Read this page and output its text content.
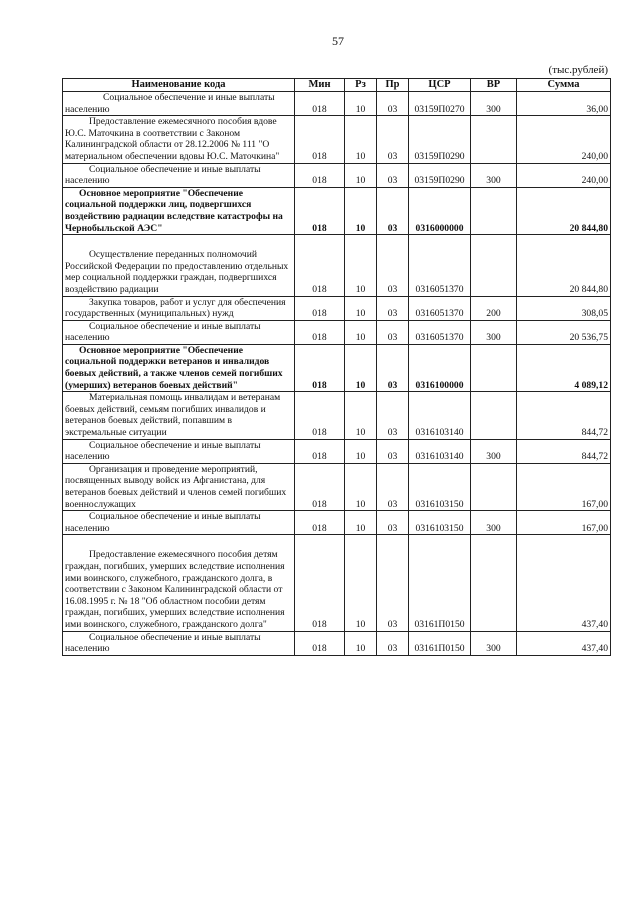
57
(тыс.рублей)
Наименование кода	Мин	Рз	Пр	ЦСР	ВР	Сумма
Социальное обеспечение и иные выплаты населению	018	10	03	03159П0270	300	36,00
Предоставление ежемесячного пособия вдове Ю.С. Маточкина в соответствии с Законом Калининградской области от 28.12.2006 № 111 "О материальном обеспечении вдовы Ю.С. Маточкина"	018	10	03	03159П0290		240,00
Социальное обеспечение и иные выплаты населению	018	10	03	03159П0290	300	240,00
Основное мероприятие "Обеспечение социальной поддержки лиц, подвергшихся воздействию радиации вследствие катастрофы на Чернобыльской АЭС"	018	10	03	0316000000		20 844,80
Осуществление переданных полномочий Российской Федерации по предоставлению отдельных мер социальной поддержки граждан, подвергшихся воздействию радиации	018	10	03	0316051370		20 844,80
Закупка товаров, работ и услуг для обеспечения государственных (муниципальных) нужд	018	10	03	0316051370	200	308,05
Социальное обеспечение и иные выплаты населению	018	10	03	0316051370	300	20 536,75
Основное мероприятие "Обеспечение социальной поддержки ветеранов и инвалидов боевых действий, а также членов семей погибших (умерших) ветеранов боевых действий"	018	10	03	0316100000		4 089,12
Материальная помощь инвалидам и ветеранам боевых действий, семьям погибших инвалидов и ветеранов боевых действий, попавшим в экстремальные ситуации	018	10	03	0316103140		844,72
Социальное обеспечение и иные выплаты населению	018	10	03	0316103140	300	844,72
Организация и проведение мероприятий, посвященных выводу войск из Афганистана, для ветеранов боевых действий и членов семей погибших военнослужащих	018	10	03	0316103150		167,00
Социальное обеспечение и иные выплаты населению	018	10	03	0316103150	300	167,00
Предоставление ежемесячного пособия детям граждан, погибших, умерших вследствие исполнения ими воинского, служебного, гражданского долга, в соответствии с Законом Калининградской области от 16.08.1995 г. № 18 "Об областном пособии детям граждан, погибших, умерших вследствие исполнения ими воинского, служебного, гражданского долга"	018	10	03	03161П0150		437,40
Социальное обеспечение и иные выплаты населению	018	10	03	03161П0150	300	437,40
